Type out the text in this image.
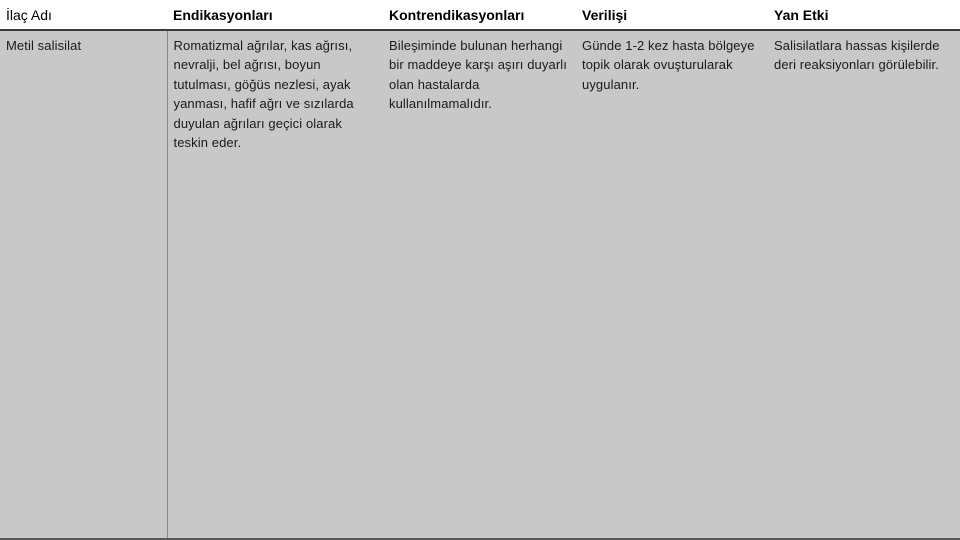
İlaç Adı	Endikasyonları	Kontrendikasyonları	Verilişi	Yan Etki
Metil salisilat	Romatizmal ağrılar, kas ağrısı, nevralji, bel ağrısı, boyun tutulması, göğüs nezlesi, ayak yanması, hafif ağrı ve sızılarda duyulan ağrıları geçici olarak teskin eder.	Bileşiminde bulunan herhangi bir maddeye karşı aşırı duyarlı olan hastalarda kullanılmamalıdır.	Günde 1-2 kez hasta bölgeye topik olarak ovuşturularak uygulanır.	Salisilatlara hassas kişilerde deri reaksiyonları görülebilir.
